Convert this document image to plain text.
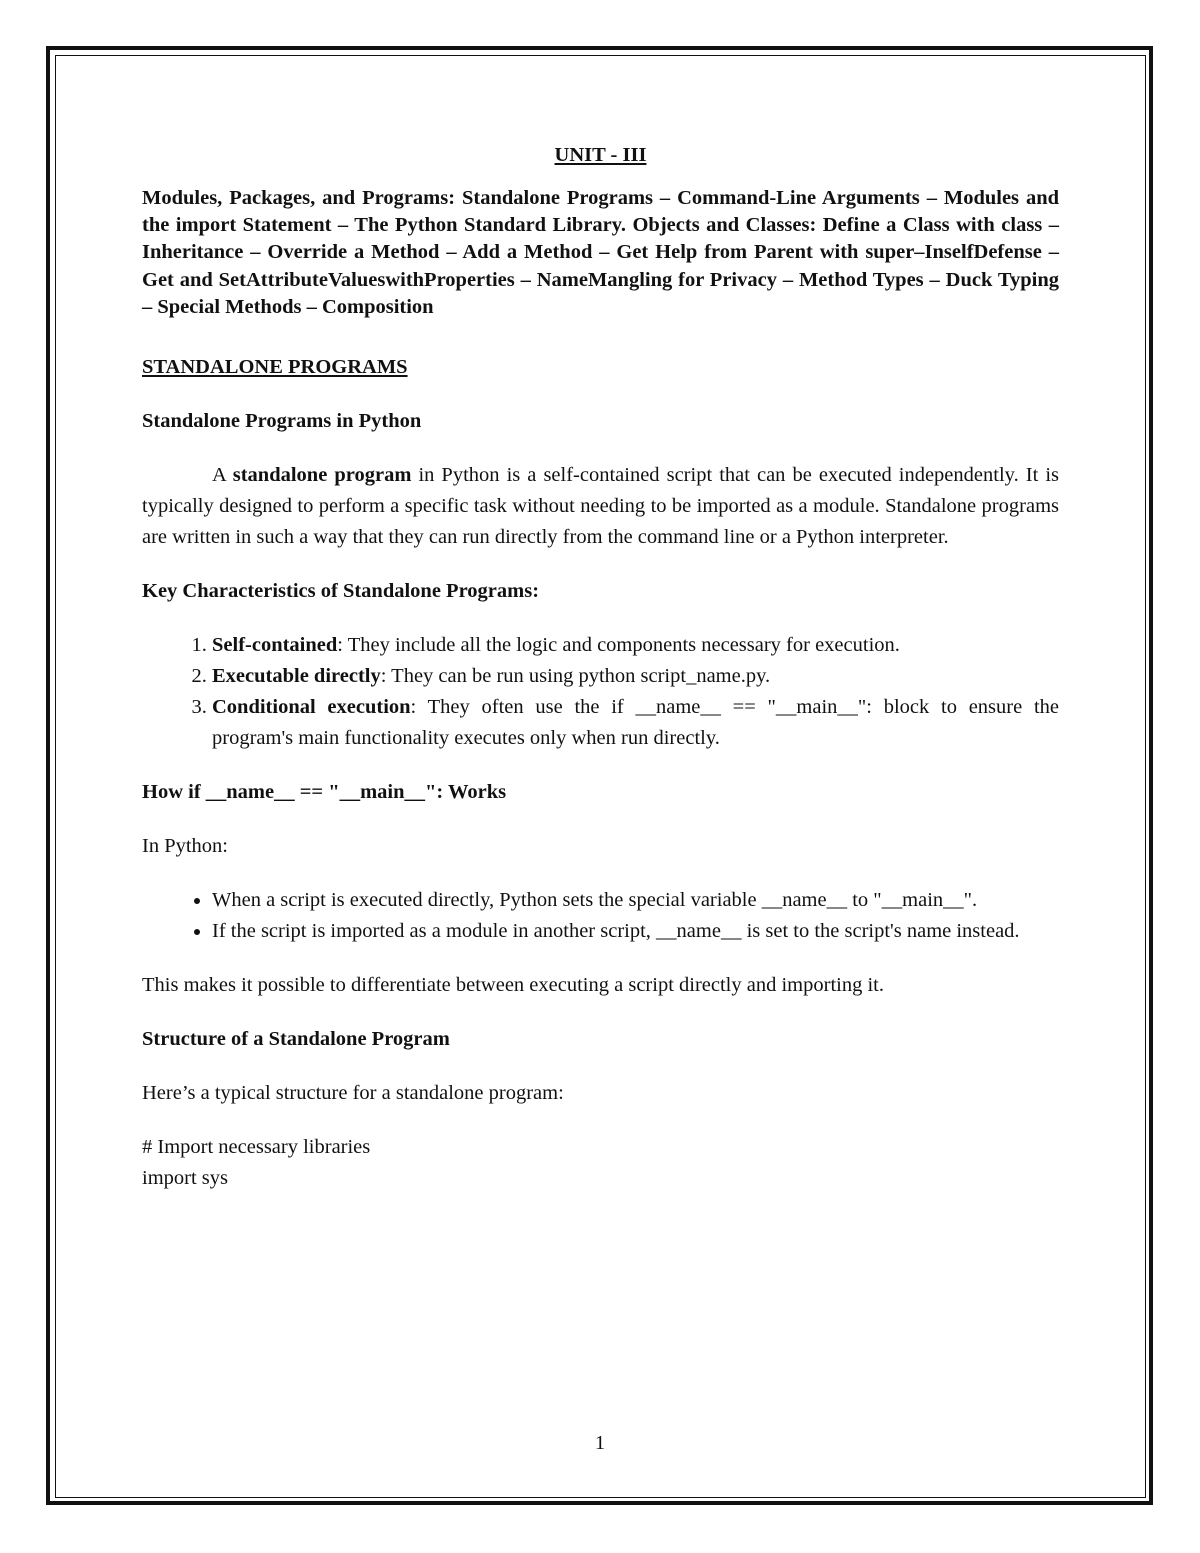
UNIT - III

Modules, Packages, and Programs: Standalone Programs – Command-Line Arguments – Modules and the import Statement – The Python Standard Library. Objects and Classes: Define a Class with class – Inheritance – Override a Method – Add a Method – Get Help from Parent with super–InselfDefense –Get and SetAttributeValueswithProperties – NameMangling for Privacy – Method Types – Duck Typing – Special Methods – Composition

STANDALONE PROGRAMS

Standalone Programs in Python

A standalone program in Python is a self-contained script that can be executed independently. It is typically designed to perform a specific task without needing to be imported as a module. Standalone programs are written in such a way that they can run directly from the command line or a Python interpreter.

Key Characteristics of Standalone Programs:

1. Self-contained: They include all the logic and components necessary for execution.
2. Executable directly: They can be run using python script_name.py.
3. Conditional execution: They often use the if __name__ == "__main__": block to ensure the program's main functionality executes only when run directly.

How if __name__ == "__main__": Works

In Python:

• When a script is executed directly, Python sets the special variable __name__ to "__main__".
• If the script is imported as a module in another script, __name__ is set to the script's name instead.

This makes it possible to differentiate between executing a script directly and importing it.

Structure of a Standalone Program

Here’s a typical structure for a standalone program:

# Import necessary libraries

import sys

1
